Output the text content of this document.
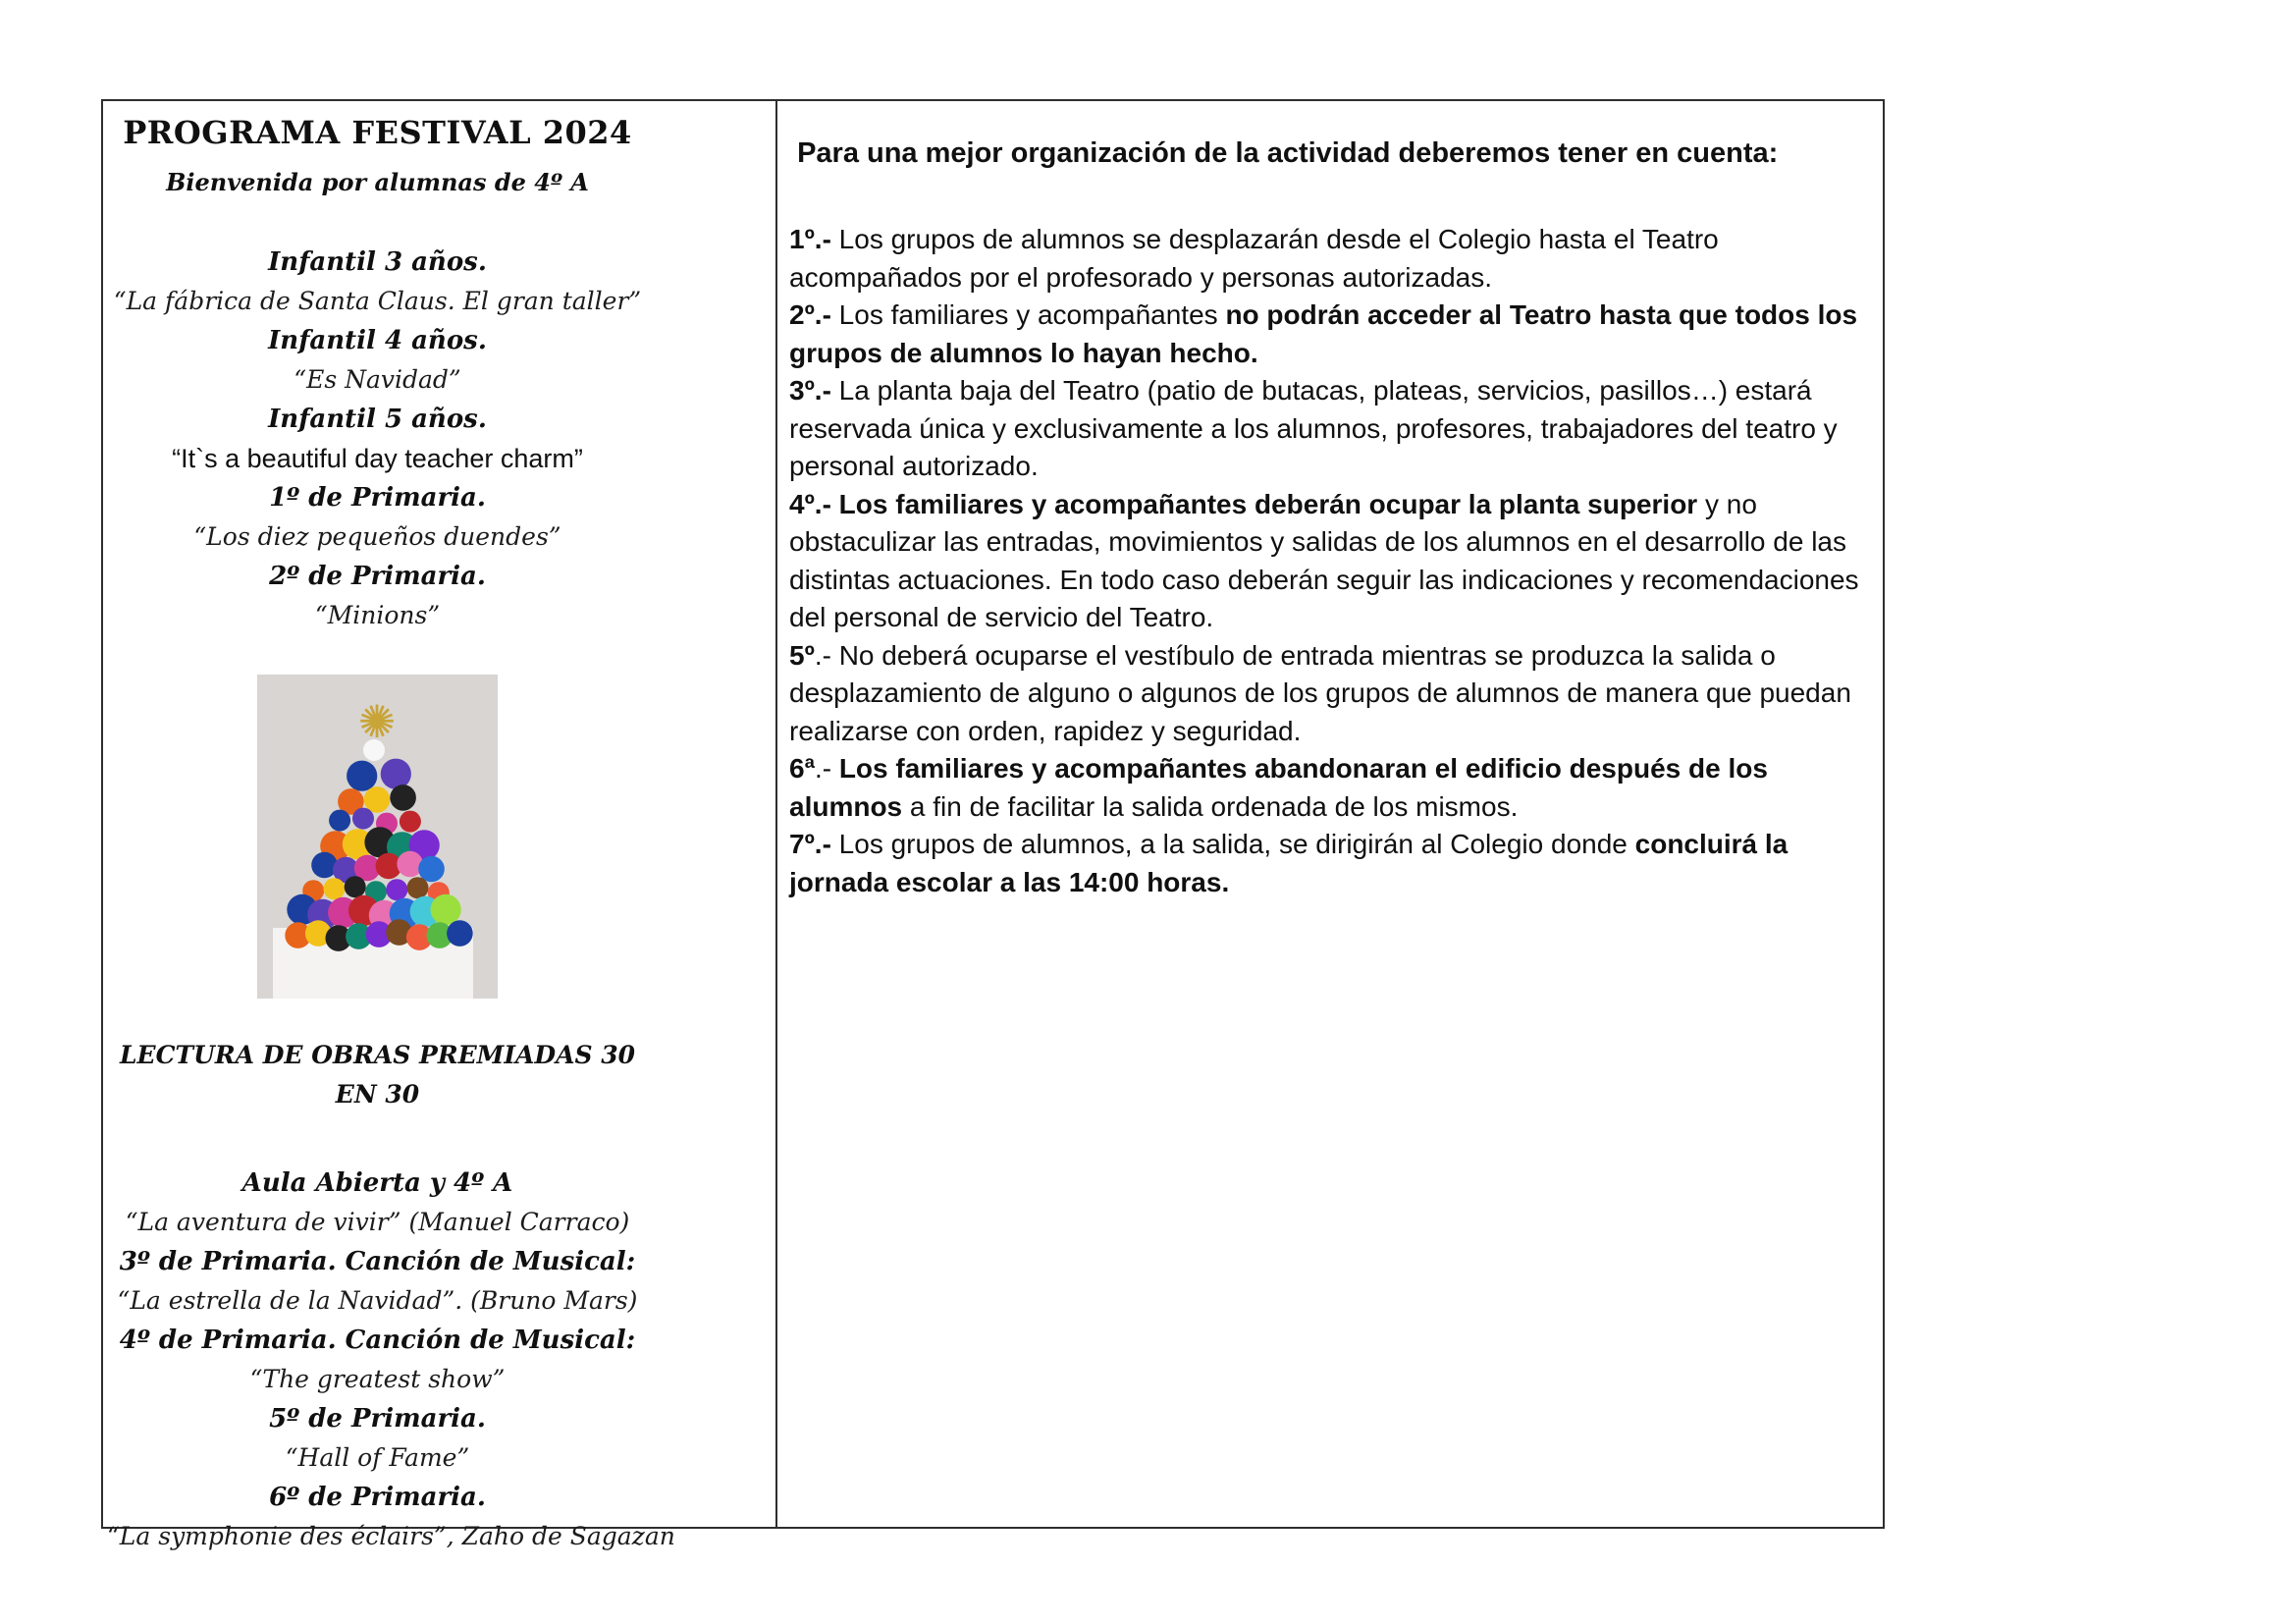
PROGRAMA FESTIVAL 2024
Bienvenida por alumnas de 4º A
Infantil 3 años.
“La fábrica de Santa Claus. El gran taller”
Infantil 4 años.
“Es Navidad”
Infantil 5 años.
“It`s a beautiful day teacher charm”
1º de Primaria.
“Los diez pequeños duendes”
2º de Primaria.
“Minions”
✺
LECTURA DE OBRAS PREMIADAS 30 EN 30
Aula Abierta y 4º A
“La aventura de vivir” (Manuel Carraco)
3º de Primaria. Canción de Musical:
“La estrella de la Navidad”. (Bruno Mars)
4º de Primaria. Canción de Musical:
“The greatest show”
5º de Primaria.
“Hall of Fame”
6º de Primaria.
“La symphonie des éclairs”, Zaho de Sagazan
Para una mejor organización de la actividad deberemos tener en cuenta:
1º.- Los grupos de alumnos se desplazarán desde el Colegio hasta el Teatro acompañados por el profesorado y personas autorizadas.
2º.- Los familiares y acompañantes no podrán acceder al Teatro hasta que todos los grupos de alumnos lo hayan hecho.
3º.- La planta baja del Teatro (patio de butacas, plateas, servicios, pasillos…) estará reservada única y exclusivamente a los alumnos, profesores, trabajadores del teatro y personal autorizado.
4º.- Los familiares y acompañantes deberán ocupar la planta superior y no obstaculizar las entradas, movimientos y salidas de los alumnos en el desarrollo de las distintas actuaciones. En todo caso deberán seguir las indicaciones y recomendaciones del personal de servicio del Teatro.
5º.- No deberá ocuparse el vestíbulo de entrada mientras se produzca la salida o desplazamiento de alguno o algunos de los grupos de alumnos de manera que puedan realizarse con orden, rapidez y seguridad.
6ª.- Los familiares y acompañantes abandonaran el edificio después de los alumnos a fin de facilitar la salida ordenada de los mismos.
7º.- Los grupos de alumnos, a la salida, se dirigirán al Colegio donde concluirá la jornada escolar a las 14:00 horas.
